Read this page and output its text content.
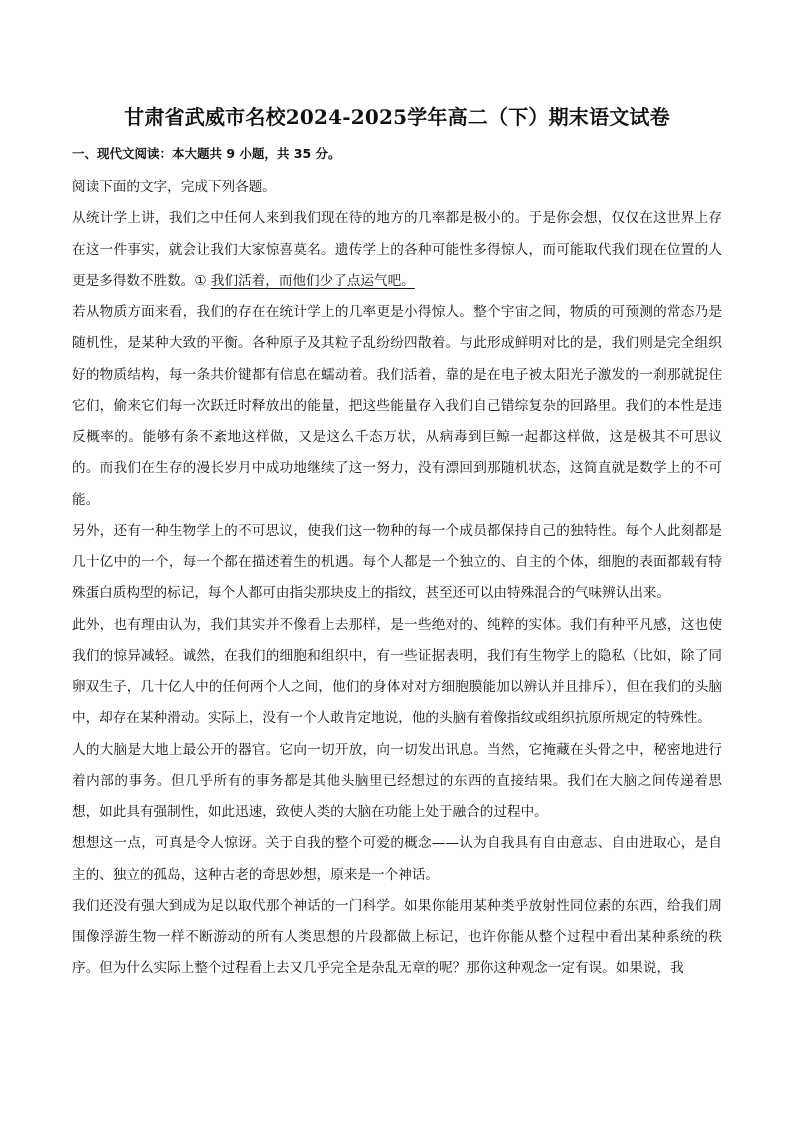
甘肃省武威市名校2024-2025学年高二（下）期末语文试卷
一、现代文阅读：本大题共 9 小题，共 35 分。

阅读下面的文字，完成下列各题。

从统计学上讲，我们之中任何人来到我们现在待的地方的几率都是极小的。于是你会想，仅仅在这世界上存在这一件事实，就会让我们大家惊喜莫名。遗传学上的各种可能性多得惊人，而可能取代我们现在位置的人更是多得数不胜数。① 我们活着，而他们少了点运气吧。

若从物质方面来看，我们的存在在统计学上的几率更是小得惊人。整个宇宙之间，物质的可预测的常态乃是随机性，是某种大致的平衡。各种原子及其粒子乱纷纷四散着。与此形成鲜明对比的是，我们则是完全组织好的物质结构，每一条共价键都有信息在蠕动着。我们活着，靠的是在电子被太阳光子激发的一刹那就捉住它们，偷来它们每一次跃迁时释放出的能量，把这些能量存入我们自己错综复杂的回路里。我们的本性是违反概率的。能够有条不紊地这样做，又是这么千态万状，从病毒到巨鲸一起都这样做，这是极其不可思议的。而我们在生存的漫长岁月中成功地继续了这一努力，没有漂回到那随机状态，这简直就是数学上的不可能。

另外，还有一种生物学上的不可思议，使我们这一物种的每一个成员都保持自己的独特性。每个人此刻都是几十亿中的一个，每一个都在描述着生的机遇。每个人都是一个独立的、自主的个体，细胞的表面都载有特殊蛋白质构型的标记，每个人都可由指尖那块皮上的指纹，甚至还可以由特殊混合的气味辨认出来。

此外，也有理由认为，我们其实并不像看上去那样，是一些绝对的、纯粹的实体。我们有种平凡感，这也使我们的惊异减轻。诚然，在我们的细胞和组织中，有一些证据表明，我们有生物学上的隐私（比如，除了同卵双生子，几十亿人中的任何两个人之间，他们的身体对对方细胞膜能加以辨认并且排斥），但在我们的头脑中，却存在某种滑动。实际上，没有一个人敢肯定地说，他的头脑有着像指纹或组织抗原所规定的特殊性。

人的大脑是大地上最公开的器官。它向一切开放，向一切发出讯息。当然，它掩藏在头骨之中，秘密地进行着内部的事务。但几乎所有的事务都是其他头脑里已经想过的东西的直接结果。我们在大脑之间传递着思想，如此具有强制性，如此迅速，致使人类的大脑在功能上处于融合的过程中。

想想这一点，可真是令人惊讶。关于自我的整个可爱的概念——认为自我具有自由意志、自由进取心，是自主的、独立的孤岛，这种古老的奇思妙想，原来是一个神话。

我们还没有强大到成为足以取代那个神话的一门科学。如果你能用某种类乎放射性同位素的东西，给我们周围像浮游生物一样不断游动的所有人类思想的片段都做上标记，也许你能从整个过程中看出某种系统的秩序。但为什么实际上整个过程看上去又几乎完全是杂乱无章的呢？那你这种观念一定有误。如果说，我
